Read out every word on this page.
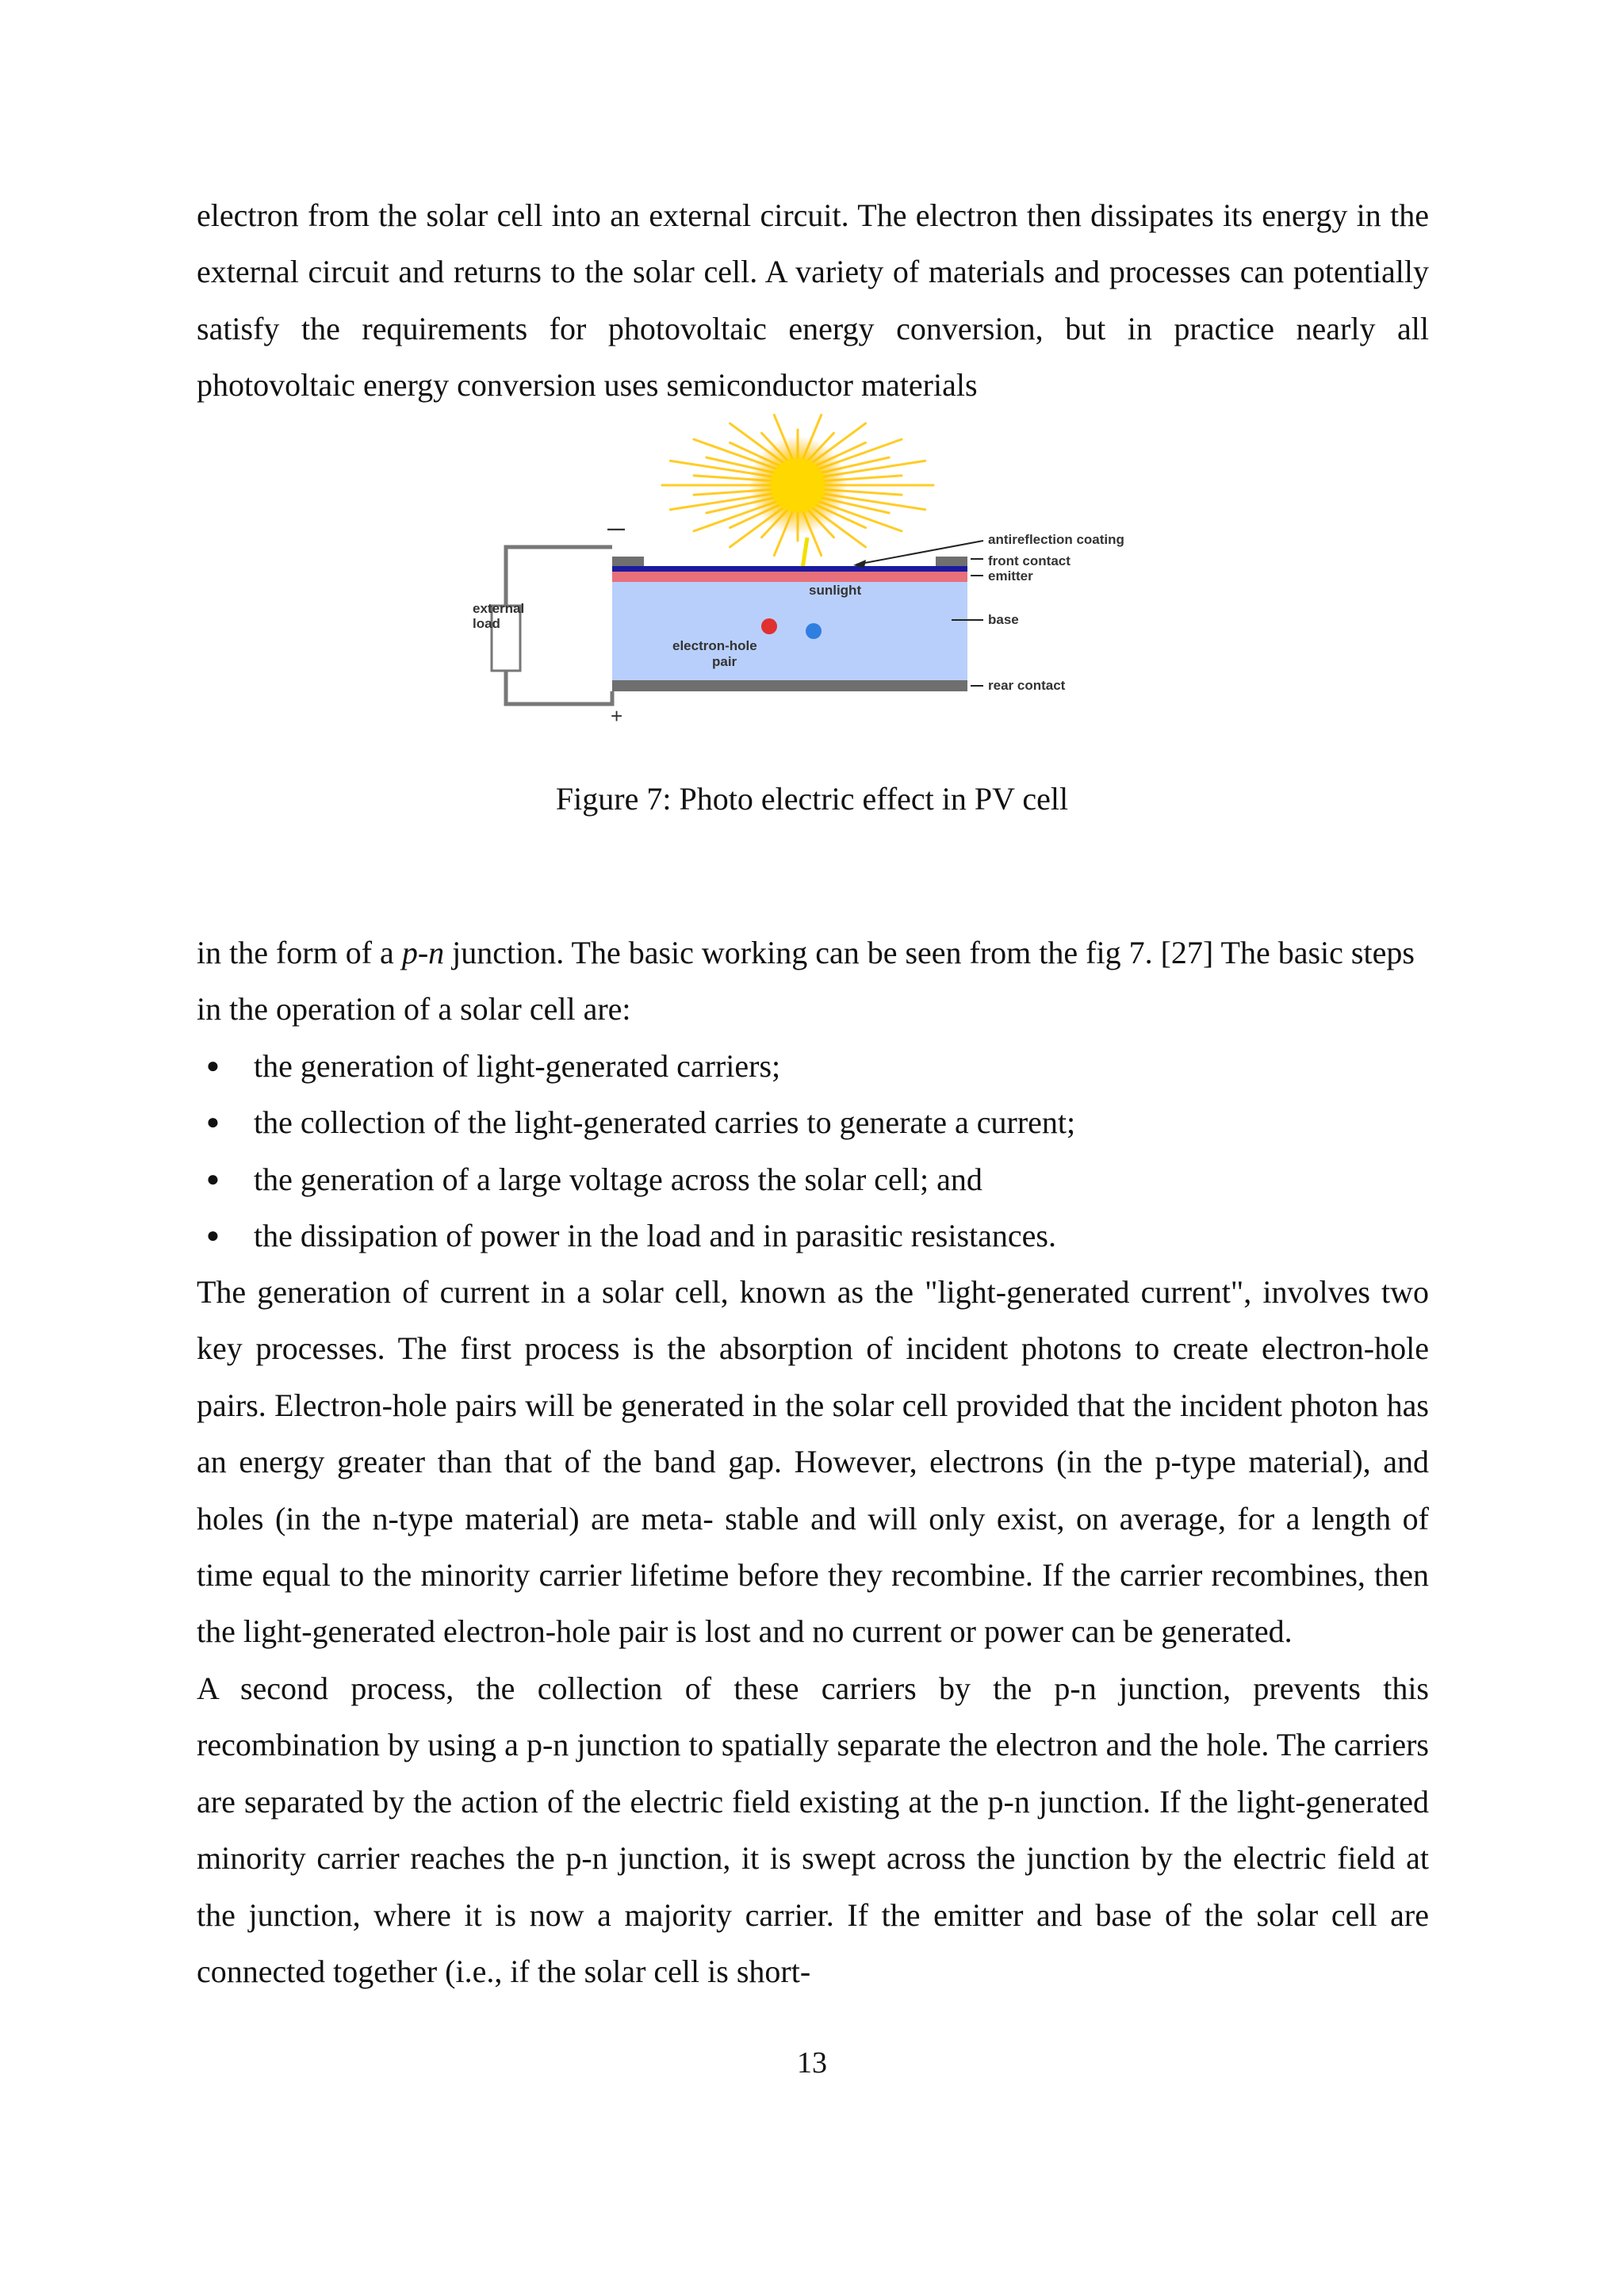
electron from the solar cell into an external circuit. The electron then dissipates its energy in the external circuit and returns to the solar cell. A variety of materials and processes can potentially satisfy the requirements for photovoltaic energy conversion, but in practice nearly all photovoltaic energy conversion uses semiconductor materials

external
load
—
+
sunlight
electron-hole
pair
antireflection coating
front contact
emitter
base
rear contact
Figure 7: Photo electric effect in PV cell

in the form of a p-n junction. The basic working can be seen from the fig 7. [27] The basic steps in the operation of a solar cell are:

● the generation of light-generated carriers;
● the collection of the light-generated carries to generate a current;
● the generation of a large voltage across the solar cell; and
● the dissipation of power in the load and in parasitic resistances.

The generation of current in a solar cell, known as the "light-generated current", involves two key processes. The first process is the absorption of incident photons to create electron-hole pairs. Electron-hole pairs will be generated in the solar cell provided that the incident photon has an energy greater than that of the band gap. However, electrons (in the p-type material), and holes (in the n-type material) are meta- stable and will only exist, on average, for a length of time equal to the minority carrier lifetime before they recombine. If the carrier recombines, then the light-generated electron-hole pair is lost and no current or power can be generated.

A second process, the collection of these carriers by the p-n junction, prevents this recombination by using a p-n junction to spatially separate the electron and the hole. The carriers are separated by the action of the electric field existing at the p-n junction. If the light-generated minority carrier reaches the p-n junction, it is swept across the junction by the electric field at the junction, where it is now a majority carrier. If the emitter and base of the solar cell are connected together (i.e., if the solar cell is short-

13
